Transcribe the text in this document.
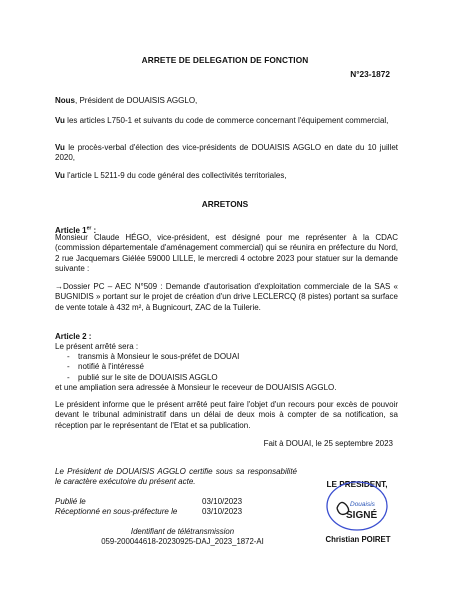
ARRETE DE DELEGATION DE FONCTION
N°23-1872
Nous, Président de DOUAISIS AGGLO,
Vu les articles L750-1 et suivants du code de commerce concernant l'équipement commercial,
Vu le procès-verbal d'élection des vice-présidents de DOUAISIS AGGLO en date du 10 juillet 2020,
Vu l'article L 5211-9 du code général des collectivités territoriales,
ARRETONS
Article 1er :
Monsieur Claude HÉGO, vice-président, est désigné pour me représenter à la CDAC (commission départementale d'aménagement commercial) qui se réunira en préfecture du Nord, 2 rue Jacquemars Giélée 59000 LILLE, le mercredi 4 octobre 2023 pour statuer sur la demande suivante :
→Dossier PC – AEC N°509 : Demande d'autorisation d'exploitation commerciale de la SAS « BUGNIDIS » portant sur le projet de création d'un drive LECLERCQ (8 pistes) portant sa surface de vente totale à 432 m², à Bugnicourt, ZAC de la Tuilerie.
Article 2 :
Le présent arrêté sera :
- transmis à Monsieur le sous-préfet de DOUAI
- notifié à l'intéressé
- publié sur le site de DOUAISIS AGGLO
et une ampliation sera adressée à Monsieur le receveur de DOUAISIS AGGLO.
Le président informe que le présent arrêté peut faire l'objet d'un recours pour excès de pouvoir devant le tribunal administratif dans un délai de deux mois à compter de sa notification, sa réception par le représentant de l'Etat et sa publication.
Fait à DOUAI, le 25 septembre 2023
Le Président de DOUAISIS AGGLO certifie sous sa responsabilité le caractère exécutoire du présent acte.	LE PRESIDENT,
Publié le	03/10/2023
Réceptionné en sous-préfecture le	03/10/2023
Identifiant de télétransmission
059-200044618-20230925-DAJ_2023_1872-AI
Douaisis
SIGNÉ
Christian POIRET
